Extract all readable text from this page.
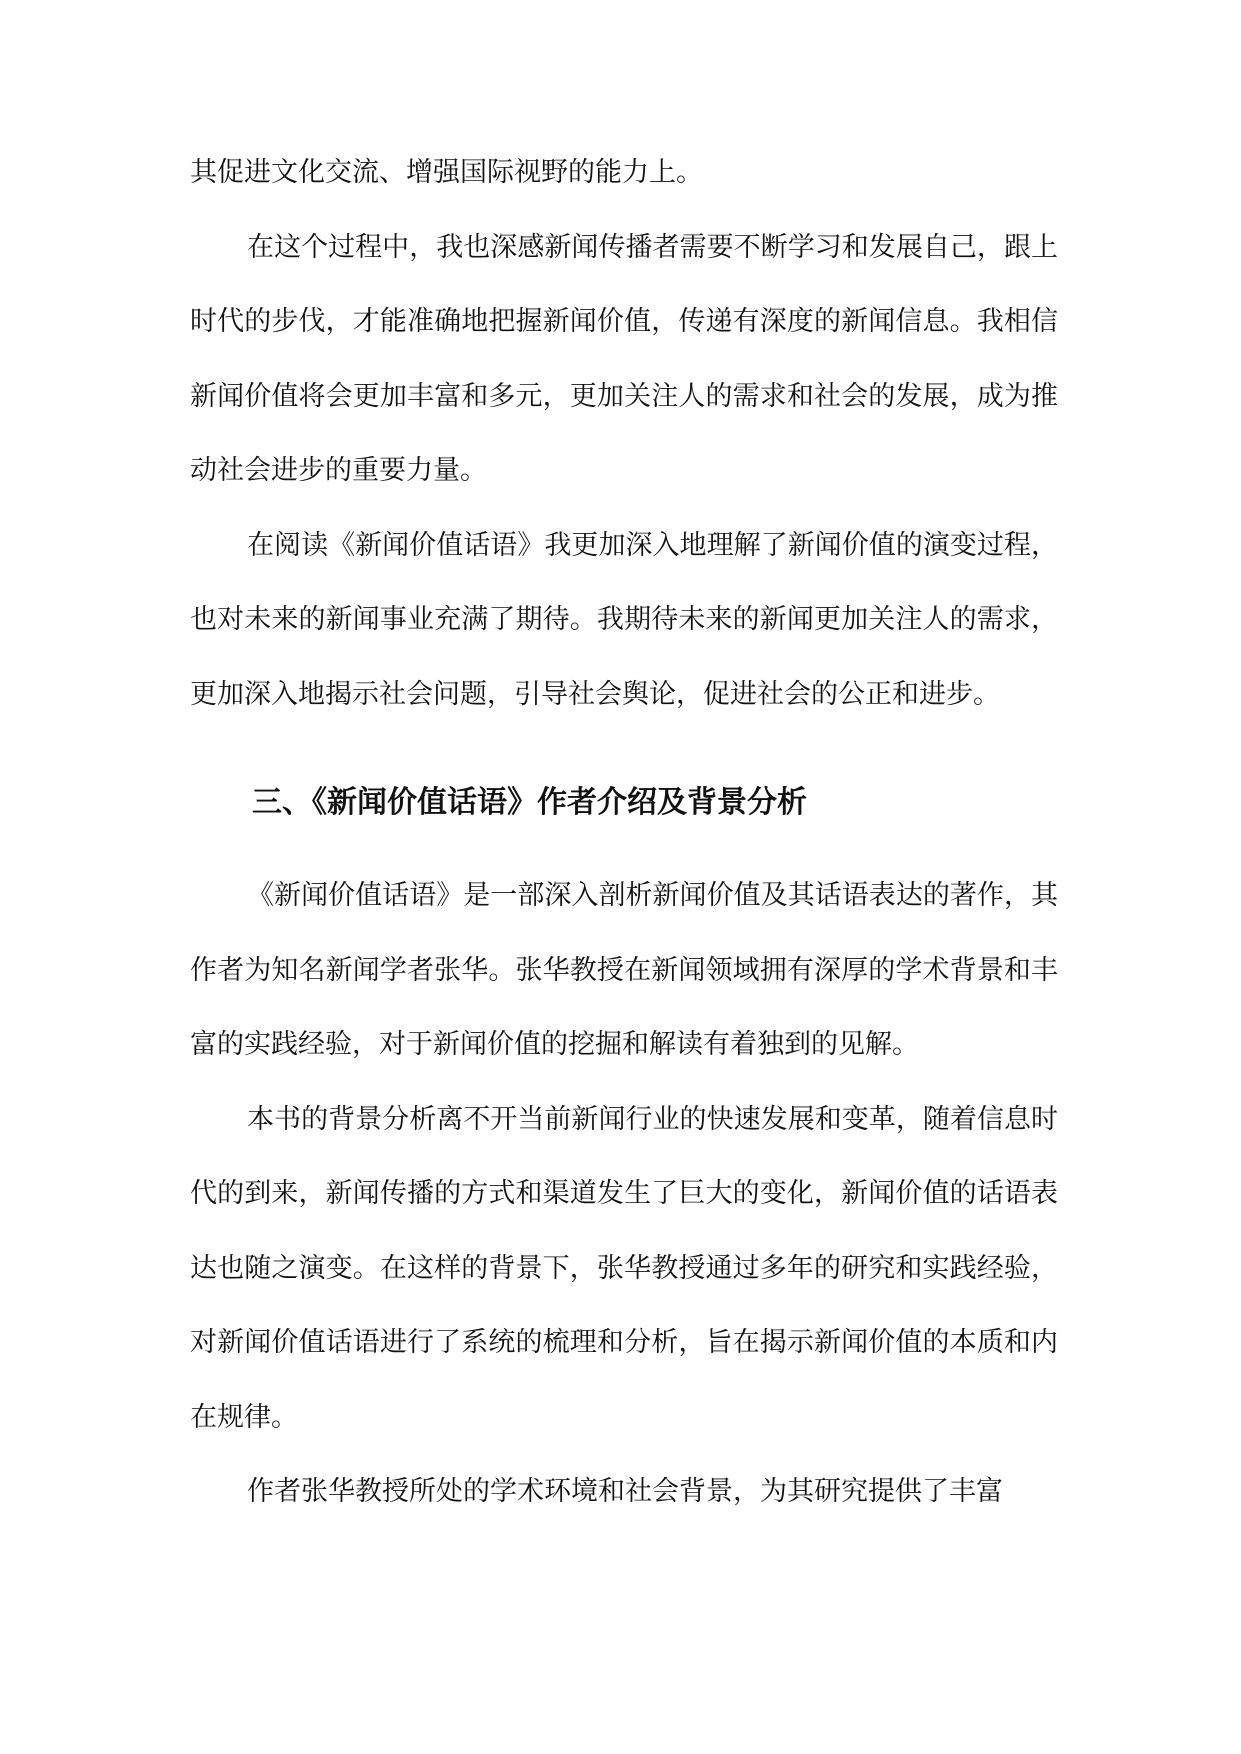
其促进文化交流、增强国际视野的能力上。

在这个过程中，我也深感新闻传播者需要不断学习和发展自己，跟上时代的步伐，才能准确地把握新闻价值，传递有深度的新闻信息。我相信新闻价值将会更加丰富和多元，更加关注人的需求和社会的发展，成为推动社会进步的重要力量。

在阅读《新闻价值话语》我更加深入地理解了新闻价值的演变过程，也对未来的新闻事业充满了期待。我期待未来的新闻更加关注人的需求，更加深入地揭示社会问题，引导社会舆论，促进社会的公正和进步。

三、《新闻价值话语》作者介绍及背景分析

《新闻价值话语》是一部深入剖析新闻价值及其话语表达的著作，其作者为知名新闻学者张华。张华教授在新闻领域拥有深厚的学术背景和丰富的实践经验，对于新闻价值的挖掘和解读有着独到的见解。

本书的背景分析离不开当前新闻行业的快速发展和变革，随着信息时代的到来，新闻传播的方式和渠道发生了巨大的变化，新闻价值的话语表达也随之演变。在这样的背景下，张华教授通过多年的研究和实践经验，对新闻价值话语进行了系统的梳理和分析，旨在揭示新闻价值的本质和内在规律。

作者张华教授所处的学术环境和社会背景，为其研究提供了丰富
